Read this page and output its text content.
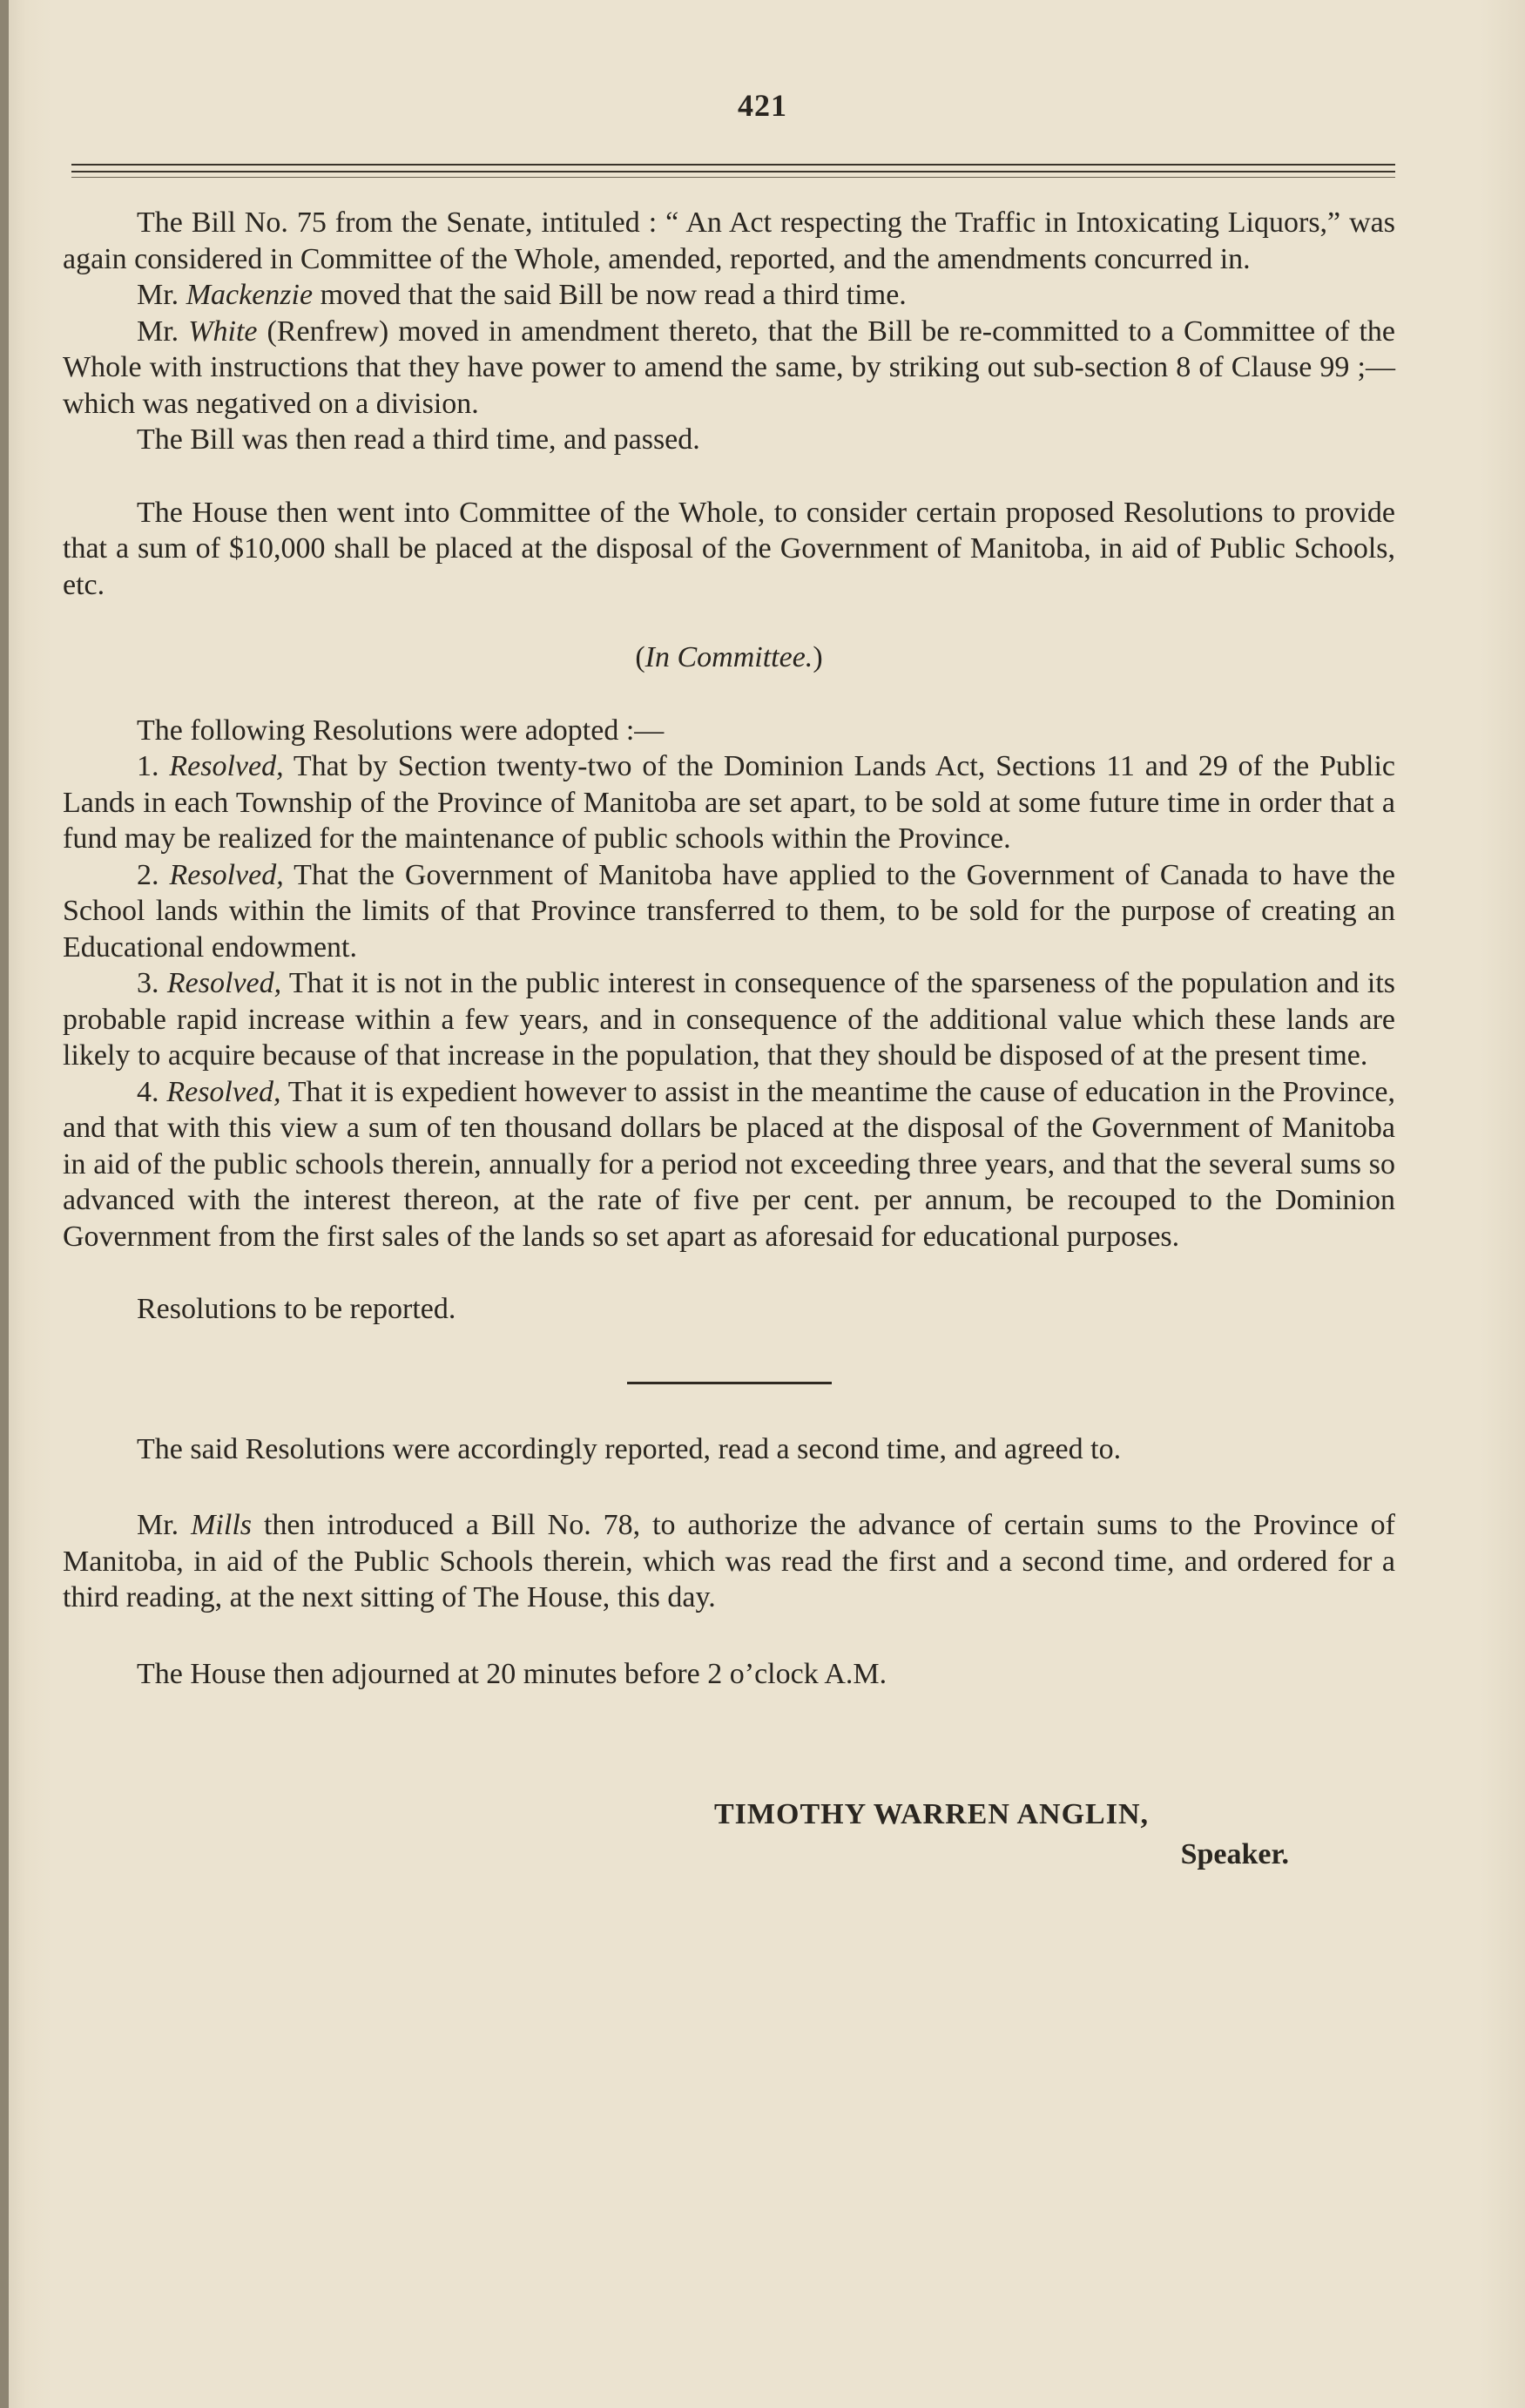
421

The Bill No. 75 from the Senate, intituled : “ An Act respecting the Traffic in Intoxicating Liquors,” was again considered in Committee of the Whole, amended, reported, and the amendments concurred in.

Mr. Mackenzie moved that the said Bill be now read a third time.

Mr. White (Renfrew) moved in amendment thereto, that the Bill be re-committed to a Committee of the Whole with instructions that they have power to amend the same, by striking out sub-section 8 of Clause 99 ;—which was negatived on a division.

The Bill was then read a third time, and passed.

The House then went into Committee of the Whole, to consider certain proposed Resolutions to provide that a sum of $10,000 shall be placed at the disposal of the Government of Manitoba, in aid of Public Schools, etc.

(In Committee.)

The following Resolutions were adopted :—

1. Resolved, That by Section twenty-two of the Dominion Lands Act, Sections 11 and 29 of the Public Lands in each Township of the Province of Manitoba are set apart, to be sold at some future time in order that a fund may be realized for the maintenance of public schools within the Province.

2. Resolved, That the Government of Manitoba have applied to the Government of Canada to have the School lands within the limits of that Province transferred to them, to be sold for the purpose of creating an Educational endowment.

3. Resolved, That it is not in the public interest in consequence of the sparseness of the population and its probable rapid increase within a few years, and in consequence of the additional value which these lands are likely to acquire because of that increase in the population, that they should be disposed of at the present time.

4. Resolved, That it is expedient however to assist in the meantime the cause of education in the Province, and that with this view a sum of ten thousand dollars be placed at the disposal of the Government of Manitoba in aid of the public schools therein, annually for a period not exceeding three years, and that the several sums so advanced with the interest thereon, at the rate of five per cent. per annum, be recouped to the Dominion Government from the first sales of the lands so set apart as aforesaid for educational purposes.

Resolutions to be reported.

The said Resolutions were accordingly reported, read a second time, and agreed to.

Mr. Mills then introduced a Bill No. 78, to authorize the advance of certain sums to the Province of Manitoba, in aid of the Public Schools therein, which was read the first and a second time, and ordered for a third reading, at the next sitting of The House, this day.

The House then adjourned at 20 minutes before 2 o’clock A.M.

TIMOTHY WARREN ANGLIN,
Speaker.
